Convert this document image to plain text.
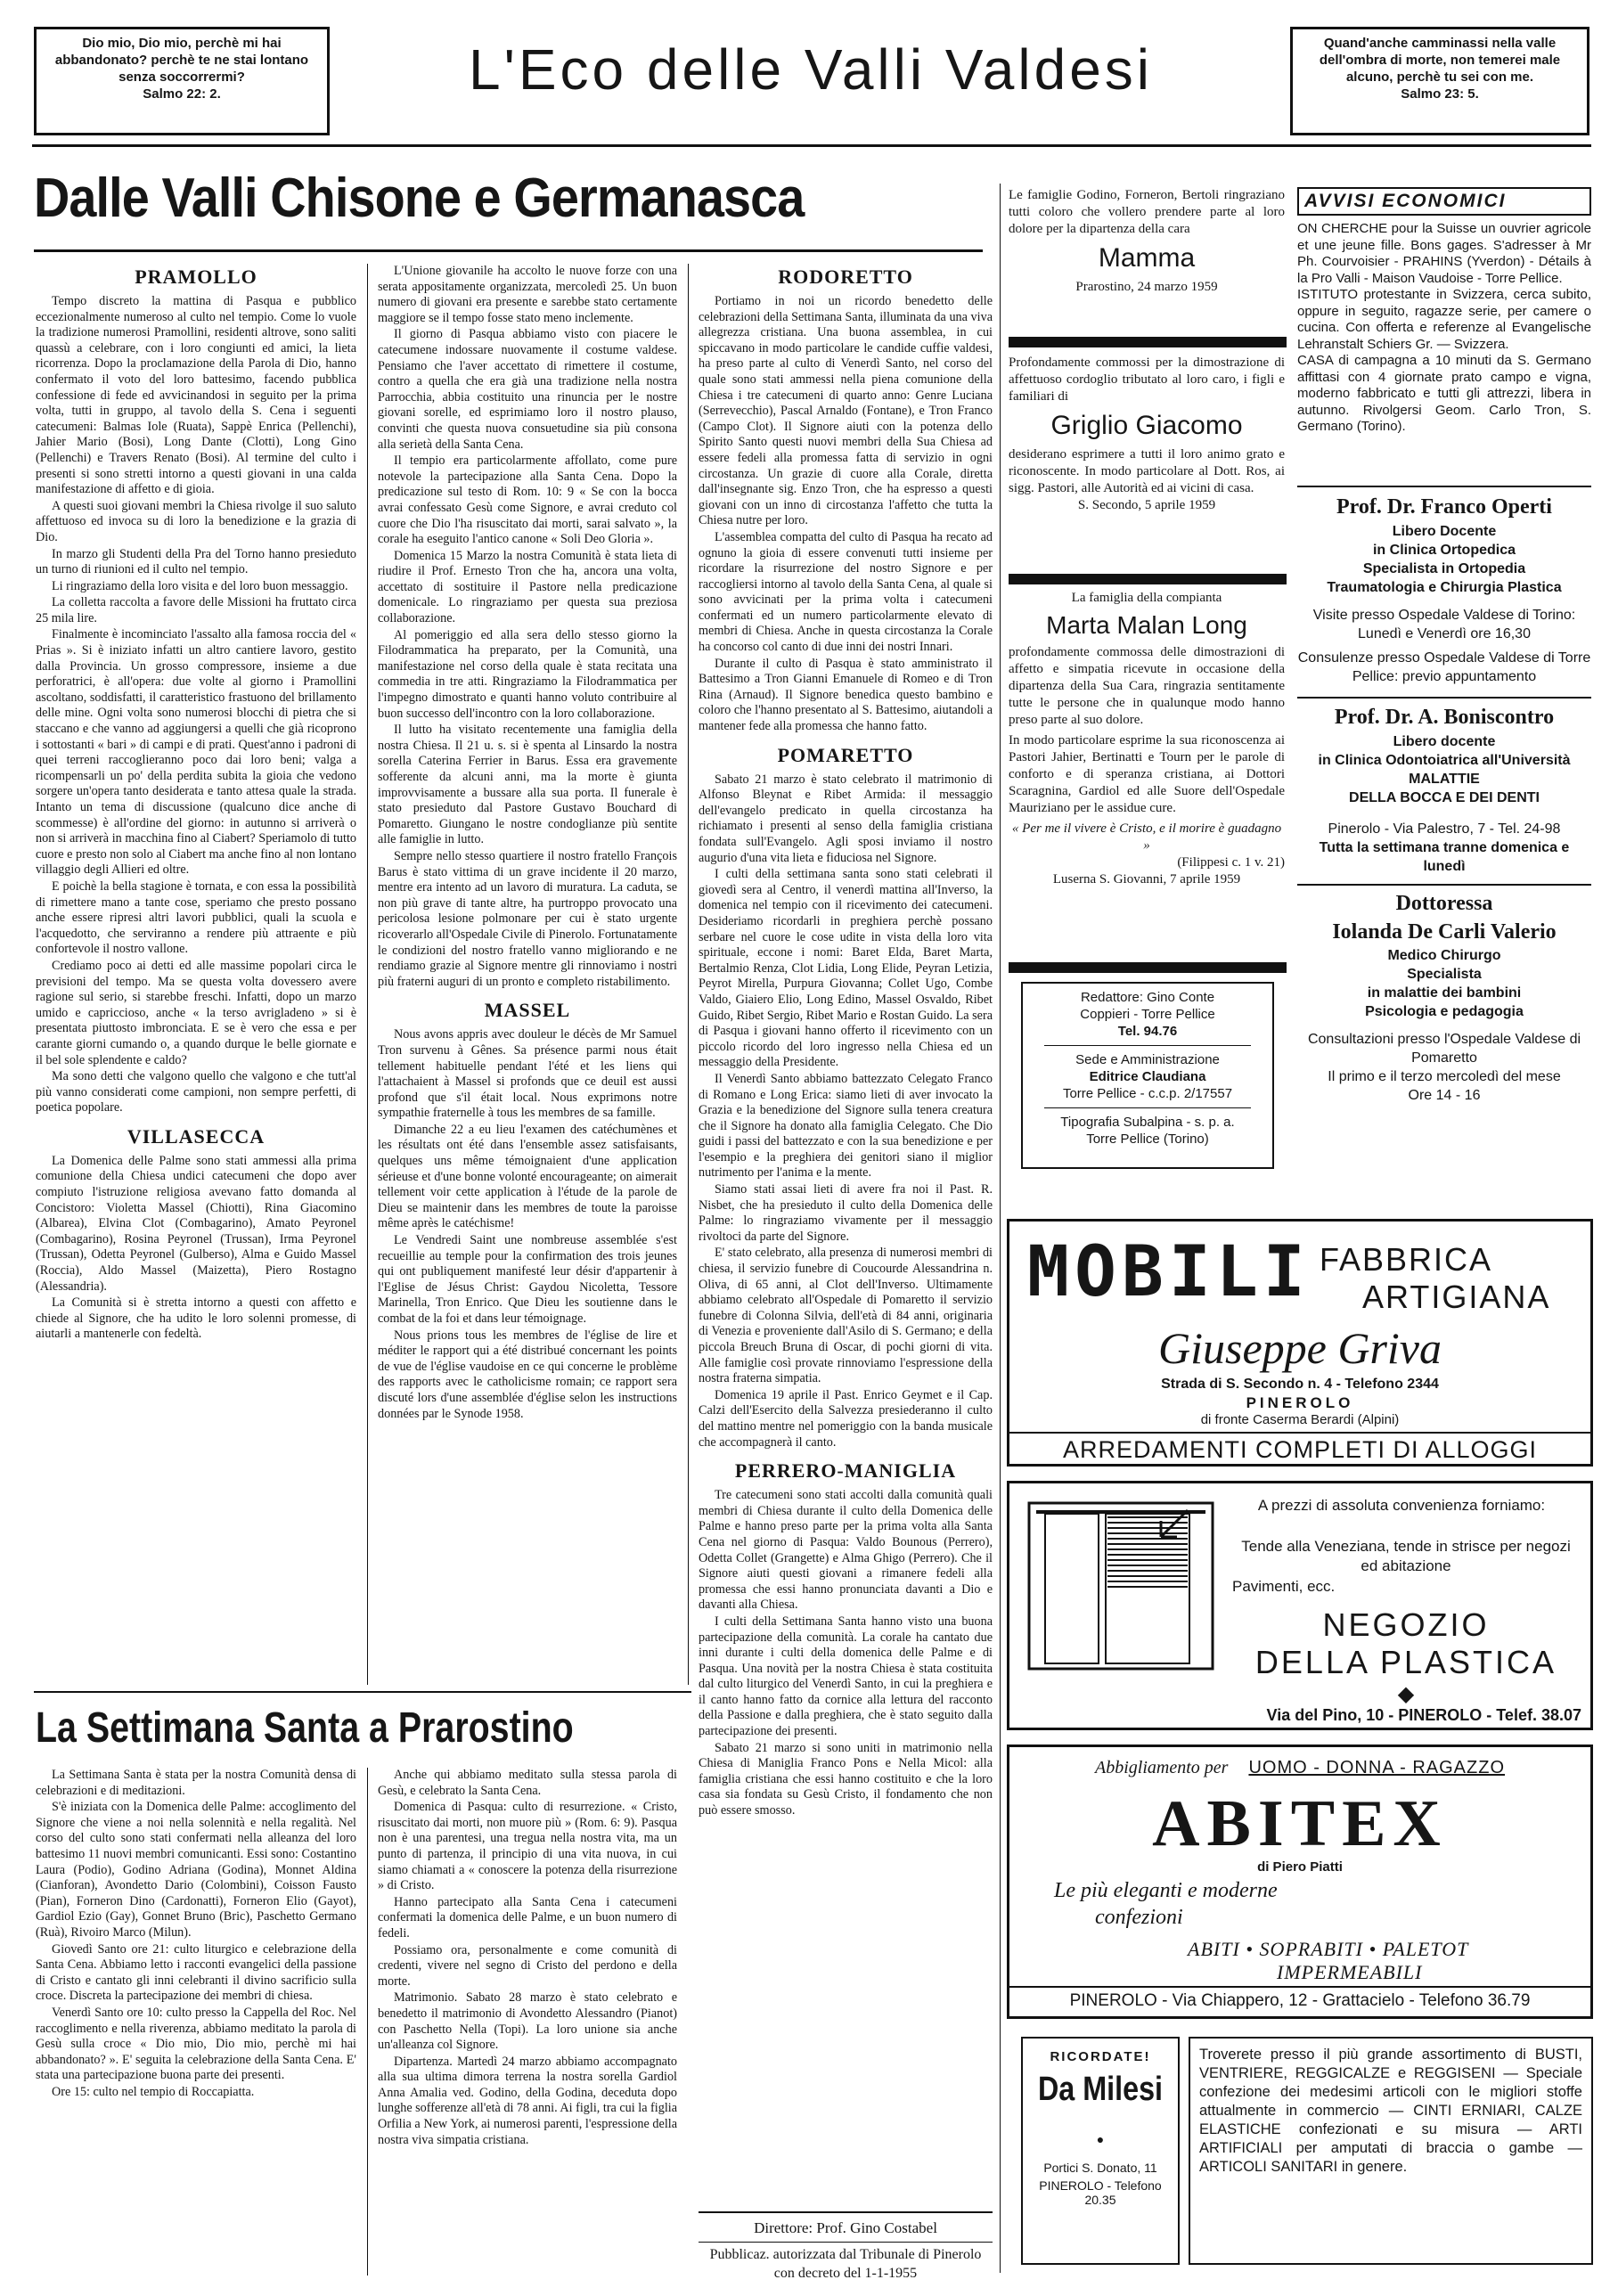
Dio mio, Dio mio, perchè mi hai abbandonato? perchè te ne stai lontano senza soccorrermi?
Salmo 22: 2.	L'Eco delle Valli Valdesi	Quand'anche camminassi nella valle dell'ombra di morte, non temerei male alcuno, perchè tu sei con me.
Salmo 23: 5.
Dalle Valli Chisone e Germanasca
PRAMOLLO

Tempo discreto la mattina di Pasqua e pubblico eccezionalmente numeroso al culto nel tempio. Come lo vuole la tradizione numerosi Pramollini, residenti altrove, sono saliti quassù a celebrare, con i loro congiunti ed amici, la lieta ricorrenza. Dopo la proclamazione della Parola di Dio, hanno confermato il voto del loro battesimo, facendo pubblica confessione di fede ed avvicinandosi in seguito per la prima volta, tutti in gruppo, al tavolo della S. Cena i seguenti catecumeni: Balmas Iole (Ruata), Sappè Enrica (Pellenchi), Jahier Mario (Bosi), Long Dante (Clotti), Long Gino (Pellenchi) e Travers Renato (Bosi). Al termine del culto i presenti si sono stretti intorno a questi giovani in una calda manifestazione di affetto e di gioia.

A questi suoi giovani membri la Chiesa rivolge il suo saluto affettuoso ed invoca su di loro la benedizione e la grazia di Dio.

In marzo gli Studenti della Pra del Torno hanno presieduto un turno di riunioni ed il culto nel tempio.

Li ringraziamo della loro visita e del loro buon messaggio.

La colletta raccolta a favore delle Missioni ha fruttato circa 25 mila lire.

Finalmente è incominciato l'assalto alla famosa roccia del « Prias ». Si è iniziato infatti un altro cantiere lavoro, gestito dalla Provincia. Un grosso compressore, insieme a due perforatrici, è all'opera: due volte al giorno i Pramollini ascoltano, soddisfatti, il caratteristico frastuono del brillamento delle mine. Ogni volta sono numerosi blocchi di pietra che si staccano e che vanno ad aggiungersi a quelli che già ricoprono i sottostanti « bari » di campi e di prati. Quest'anno i padroni di quei terreni raccoglieranno poco dai loro beni; valga a ricompensarli un po' della perdita subita la gioia che vedono sorgere un'opera tanto desiderata e tanto attesa quale la strada. Intanto un tema di discussione (qualcuno dice anche di scommesse) è all'ordine del giorno: in autunno si arriverà o non si arriverà in macchina fino al Ciabert? Speriamolo di tutto cuore e presto non solo al Ciabert ma anche fino al non lontano villaggio degli Allieri ed oltre.

E poichè la bella stagione è tornata, e con essa la possibilità di rimettere mano a tante cose, speriamo che presto possano anche essere ripresi altri lavori pubblici, quali la scuola e l'acquedotto, che serviranno a rendere più attraente e più confortevole il nostro vallone.

Crediamo poco ai detti ed alle massime popolari circa le previsioni del tempo. Ma se questa volta dovessero avere ragione sul serio, si starebbe freschi. Infatti, dopo un marzo umido e capriccioso, anche « la terso avrigladeno » si è presentata piuttosto imbronciata. E se è vero che essa e per carante giorni cumando o, a quando durque le belle giornate e il bel sole splendente e caldo?

Ma sono detti che valgono quello che valgono e che tutt'al più vanno considerati come campioni, non sempre perfetti, di poetica popolare.

VILLASECCA

La Domenica delle Palme sono stati ammessi alla prima comunione della Chiesa undici catecumeni che dopo aver compiuto l'istruzione religiosa avevano fatto domanda al Concistoro: Violetta Massel (Chiotti), Rina Giacomino (Albarea), Elvina Clot (Combagarino), Amato Peyronel (Combagarino), Rosina Peyronel (Trussan), Irma Peyronel (Trussan), Odetta Peyronel (Gulberso), Alma e Guido Massel (Roccia), Aldo Massel (Maizetta), Piero Rostagno (Alessandria).

La Comunità si è stretta intorno a questi con affetto e chiede al Signore, che ha udito le loro solenni promesse, di aiutarli a mantenerle con fedeltà.

L'Unione giovanile ha accolto le nuove forze con una serata appositamente organizzata, mercoledì 25. Un buon numero di giovani era presente e sarebbe stato certamente maggiore se il tempo fosse stato meno inclemente.

Il giorno di Pasqua abbiamo visto con piacere le catecumene indossare nuovamente il costume valdese. Pensiamo che l'aver accettato di rimettere il costume, contro a quella che era già una tradizione nella nostra Parrocchia, abbia costituito una rinuncia per le nostre giovani sorelle, ed esprimiamo loro il nostro plauso, convinti che questa nuova consuetudine sia più consona alla serietà della Santa Cena.

Il tempio era particolarmente affollato, come pure notevole la partecipazione alla Santa Cena. Dopo la predicazione sul testo di Rom. 10: 9 « Se con la bocca avrai confessato Gesù come Signore, e avrai creduto col cuore che Dio l'ha risuscitato dai morti, sarai salvato », la corale ha eseguito l'antico canone « Soli Deo Gloria ».

Domenica 15 Marzo la nostra Comunità è stata lieta di riudire il Prof. Ernesto Tron che ha, ancora una volta, accettato di sostituire il Pastore nella predicazione domenicale. Lo ringraziamo per questa sua preziosa collaborazione.

Al pomeriggio ed alla sera dello stesso giorno la Filodrammatica ha preparato, per la Comunità, una manifestazione nel corso della quale è stata recitata una commedia in tre atti. Ringraziamo la Filodrammatica per l'impegno dimostrato e quanti hanno voluto contribuire al buon successo dell'incontro con la loro collaborazione.

Il lutto ha visitato recentemente una famiglia della nostra Chiesa. Il 21 u. s. si è spenta al Linsardo la nostra sorella Caterina Ferrier in Barus. Essa era gravemente sofferente da alcuni anni, ma la morte è giunta improvvisamente a bussare alla sua porta. Il funerale è stato presieduto dal Pastore Gustavo Bouchard di Pomaretto. Giungano le nostre condoglianze più sentite alle famiglie in lutto.

Sempre nello stesso quartiere il nostro fratello François Barus è stato vittima di un grave incidente il 20 marzo, mentre era intento ad un lavoro di muratura. La caduta, se non più grave di tante altre, ha purtroppo provocato una pericolosa lesione polmonare per cui è stato urgente ricoverarlo all'Ospedale Civile di Pinerolo. Fortunatamente le condizioni del nostro fratello vanno migliorando e ne rendiamo grazie al Signore mentre gli rinnoviamo i nostri più fraterni auguri di un pronto e completo ristabilimento.

MASSEL

Nous avons appris avec douleur le décès de Mr Samuel Tron survenu à Gênes. Sa présence parmi nous était tellement habituelle pendant l'été et les liens qui l'attachaient à Massel si profonds que ce deuil est aussi profond que s'il était local. Nous exprimons notre sympathie fraternelle à tous les membres de sa famille.

Dimanche 22 a eu lieu l'examen des catéchumènes et les résultats ont été dans l'ensemble assez satisfaisants, quelques uns même témoignaient d'une application sérieuse et d'une bonne volonté encourageante; on aimerait tellement voir cette application à l'étude de la parole de Dieu se maintenir dans les membres de toute la paroisse même après le catéchisme!

Le Vendredi Saint une nombreuse assemblée s'est recueillie au temple pour la confirmation des trois jeunes qui ont publiquement manifesté leur désir d'appartenir à l'Eglise de Jésus Christ: Gaydou Nicoletta, Tessore Marinella, Tron Enrico. Que Dieu les soutienne dans le combat de la foi et dans leur témoignage.

Nous prions tous les membres de l'église de lire et méditer le rapport qui a été distribué concernant les points de vue de l'église vaudoise en ce qui concerne le problème des rapports avec le catholicisme romain; ce rapport sera discuté lors d'une assemblée d'église selon les instructions données par le Synode 1958.

La Settimana Santa a Prarostino

La Settimana Santa è stata per la nostra Comunità densa di celebrazioni e di meditazioni.

S'è iniziata con la Domenica delle Palme: accoglimento del Signore che viene a noi nella solennità e nella regalità. Nel corso del culto sono stati confermati nella alleanza del loro battesimo 11 nuovi membri comunicanti. Essi sono: Costantino Laura (Podio), Godino Adriana (Godina), Monnet Aldina (Cianforan), Avondetto Dario (Colombini), Coisson Fausto (Pian), Forneron Dino (Cardonatti), Forneron Elio (Gayot), Gardiol Ezio (Gay), Gonnet Bruno (Bric), Paschetto Germano (Ruà), Rivoiro Marco (Milun).

Giovedì Santo ore 21: culto liturgico e celebrazione della Santa Cena. Abbiamo letto i racconti evangelici della passione di Cristo e cantato gli inni celebranti il divino sacrificio sulla croce. Discreta la partecipazione dei membri di chiesa.

Venerdì Santo ore 10: culto presso la Cappella del Roc. Nel raccoglimento e nella riverenza, abbiamo meditato la parola di Gesù sulla croce « Dio mio, Dio mio, perchè mi hai abbandonato? ». E' seguita la celebrazione della Santa Cena. E' stata una partecipazione buona parte dei presenti.

Ore 15: culto nel tempio di Roccapiatta.

Anche qui abbiamo meditato sulla stessa parola di Gesù, e celebrato la Santa Cena.

Domenica di Pasqua: culto di resurrezione. « Cristo, risuscitato dai morti, non muore più » (Rom. 6: 9). Pasqua non è una parentesi, una tregua nella nostra vita, ma un punto di partenza, il principio di una vita nuova, in cui siamo chiamati a « conoscere la potenza della risurrezione » di Cristo.

Hanno partecipato alla Santa Cena i catecumeni confermati la domenica delle Palme, e un buon numero di fedeli.

Possiamo ora, personalmente e come comunità di credenti, vivere nel segno di Cristo del perdono e della morte.

Matrimonio. Sabato 28 marzo è stato celebrato e benedetto il matrimonio di Avondetto Alessandro (Pianot) con Paschetto Nella (Topi). La loro unione sia anche un'alleanza col Signore.

Dipartenza. Martedì 24 marzo abbiamo accompagnato alla sua ultima dimora terrena la nostra sorella Gardiol Anna Amalia ved. Godino, della Godina, deceduta dopo lunghe sofferenze all'età di 78 anni. Ai figli, tra cui la figlia Orfilia a New York, ai numerosi parenti, l'espressione della nostra viva simpatia cristiana.

RODORETTO

Portiamo in noi un ricordo benedetto delle celebrazioni della Settimana Santa, illuminata da una viva allegrezza cristiana. Una buona assemblea, in cui spiccavano in modo particolare le candide cuffie valdesi, ha preso parte al culto di Venerdì Santo, nel corso del quale sono stati ammessi nella piena comunione della Chiesa i tre catecumeni di quarto anno: Genre Luciana (Serrevecchio), Pascal Arnaldo (Fontane), e Tron Franco (Campo Clot). Il Signore aiuti con la potenza dello Spirito Santo questi nuovi membri della Sua Chiesa ad essere fedeli alla promessa fatta di servizio in ogni circostanza. Un grazie di cuore alla Corale, diretta dall'insegnante sig. Enzo Tron, che ha espresso a questi giovani con un inno di circostanza l'affetto che tutta la Chiesa nutre per loro.

L'assemblea compatta del culto di Pasqua ha recato ad ognuno la gioia di essere convenuti tutti insieme per ricordare la risurrezione del nostro Signore e per raccogliersi intorno al tavolo della Santa Cena, al quale si sono avvicinati per la prima volta i catecumeni confermati ed un numero particolarmente elevato di membri di Chiesa. Anche in questa circostanza la Corale ha concorso col canto di due inni dei nostri Innari.

Durante il culto di Pasqua è stato amministrato il Battesimo a Tron Gianni Emanuele di Romeo e di Tron Rina (Arnaud). Il Signore benedica questo bambino e coloro che l'hanno presentato al S. Battesimo, aiutandoli a mantener fede alla promessa che hanno fatto.

POMARETTO

Sabato 21 marzo è stato celebrato il matrimonio di Alfonso Bleynat e Ribet Armida: il messaggio dell'evangelo predicato in quella circostanza ha richiamato i presenti al senso della famiglia cristiana fondata sull'Evangelo. Agli sposi inviamo il nostro augurio d'una vita lieta e fiduciosa nel Signore.

I culti della settimana santa sono stati celebrati il giovedì sera al Centro, il venerdì mattina all'Inverso, la domenica nel tempio con il ricevimento dei catecumeni. Desideriamo ricordarli in preghiera perchè possano serbare nel cuore le cose udite in vista della loro vita spirituale, eccone i nomi: Baret Elda, Baret Marta, Bertalmio Renza, Clot Lidia, Long Elide, Peyran Letizia, Peyrot Mirella, Purpura Giovanna; Collet Ugo, Combe Valdo, Giaiero Elio, Long Edino, Massel Osvaldo, Ribet Guido, Ribet Sergio, Ribet Mario e Rostan Guido. La sera di Pasqua i giovani hanno offerto il ricevimento con un piccolo ricordo del loro ingresso nella Chiesa ed un messaggio della Presidente.

Il Venerdì Santo abbiamo battezzato Celegato Franco di Romano e Long Erica: siamo lieti di aver invocato la Grazia e la benedizione del Signore sulla tenera creatura che il Signore ha donato alla famiglia Celegato. Che Dio guidi i passi del battezzato e con la sua benedizione e per l'esempio e la preghiera dei genitori siano il miglior nutrimento per l'anima e la mente.

Siamo stati assai lieti di avere fra noi il Past. R. Nisbet, che ha presieduto il culto della Domenica delle Palme: lo ringraziamo vivamente per il messaggio rivoltoci da parte del Signore.

E' stato celebrato, alla presenza di numerosi membri di chiesa, il servizio funebre di Coucourde Alessandrina n. Oliva, di 65 anni, al Clot dell'Inverso. Ultimamente abbiamo celebrato all'Ospedale di Pomaretto il servizio funebre di Colonna Silvia, dell'età di 84 anni, originaria di Venezia e proveniente dall'Asilo di S. Germano; e della piccola Breuch Bruna di Oscar, di pochi giorni di vita. Alle famiglie così provate rinnoviamo l'espressione della nostra fraterna simpatia.

Domenica 19 aprile il Past. Enrico Geymet e il Cap. Calzi dell'Esercito della Salvezza presiederanno il culto del mattino mentre nel pomeriggio con la banda musicale che accompagnerà il canto.

PERRERO-MANIGLIA

Tre catecumeni sono stati accolti dalla comunità quali membri di Chiesa durante il culto della Domenica delle Palme e hanno preso parte per la prima volta alla Santa Cena nel giorno di Pasqua: Valdo Bounous (Perrero), Odetta Collet (Grangette) e Alma Ghigo (Perrero). Che il Signore aiuti questi giovani a rimanere fedeli alla promessa che essi hanno pronunciata davanti a Dio e davanti alla Chiesa.

I culti della Settimana Santa hanno visto una buona partecipazione della comunità. La corale ha cantato due inni durante i culti della domenica delle Palme e di Pasqua. Una novità per la nostra Chiesa è stata costituita dal culto liturgico del Venerdì Santo, in cui la preghiera e il canto hanno fatto da cornice alla lettura del racconto della Passione e dalla preghiera, che è stato seguito dalla partecipazione dei presenti.

Sabato 21 marzo si sono uniti in matrimonio nella Chiesa di Maniglia Franco Pons e Nella Micol: alla famiglia cristiana che essi hanno costituito e che la loro casa sia fondata su Gesù Cristo, il fondamento che non può essere smosso.

Direttore: Prof. Gino Costabel
Pubblicaz. autorizzata dal Tribunale di Pinerolo con decreto del 1-1-1955
Le famiglie Godino, Forneron, Bertoli ringraziano tutti coloro che vollero prendere parte al loro dolore per la dipartenza della cara
Mamma
Prarostino, 24 marzo 1959
Profondamente commossi per la dimostrazione di affettuoso cordoglio tributato al loro caro, i figli e familiari di
Griglio Giacomo
desiderano esprimere a tutti il loro animo grato e riconoscente. In modo particolare al Dott. Ros, ai sigg. Pastori, alle Autorità ed ai vicini di casa.
S. Secondo, 5 aprile 1959
La famiglia della compianta
Marta Malan Long
profondamente commossa delle dimostrazioni di affetto e simpatia ricevute in occasione della dipartenza della Sua Cara, ringrazia sentitamente tutte le persone che in qualunque modo hanno preso parte al suo dolore.
In modo particolare esprime la sua riconoscenza ai Pastori Jahier, Bertinatti e Tourn per le parole di conforto e di speranza cristiana, ai Dottori Scaragnina, Gardiol ed alle Suore dell'Ospedale Mauriziano per le assidue cure.
« Per me il vivere è Cristo, e il morire è guadagno »
(Filippesi c. 1 v. 21)
Luserna S. Giovanni, 7 aprile 1959
Redattore: Gino Conte
Coppieri - Torre Pellice
Tel. 94.76
Sede e Amministrazione
Editrice Claudiana
Torre Pellice - c.c.p. 2/17557
Tipografia Subalpina - s. p. a.
Torre Pellice (Torino)
AVVISI ECONOMICI
ON CHERCHE pour la Suisse un ouvrier agricole et une jeune fille. Bons gages. S'adresser à Mr Ph. Courvoisier - PRAHINS (Yverdon) - Détails à la Pro Valli - Maison Vaudoise - Torre Pellice.
ISTITUTO protestante in Svizzera, cerca subito, oppure in seguito, ragazze serie, per camere o cucina. Con offerta e referenze al Evangelische Lehranstalt Schiers Gr. — Svizzera.
CASA di campagna a 10 minuti da S. Germano affittasi con 4 giornate prato campo e vigna, moderno fabbricato e tutti gli attrezzi, libera in autunno. Rivolgersi Geom. Carlo Tron, S. Germano (Torino).
Prof. Dr. Franco Operti
Libero Docente
in Clinica Ortopedica
Specialista in Ortopedia
Traumatologia e Chirurgia Plastica
Visite presso Ospedale Valdese di Torino: Lunedì e Venerdì ore 16,30
Consulenze presso Ospedale Valdese di Torre Pellice: previo appuntamento
Prof. Dr. A. Boniscontro
Libero docente
in Clinica Odontoiatrica all'Università
MALATTIE
DELLA BOCCA E DEI DENTI
Pinerolo - Via Palestro, 7 - Tel. 24-98
Tutta la settimana tranne domenica e lunedì
Dottoressa
Iolanda De Carli Valerio
Medico Chirurgo
Specialista
in malattie dei bambini
Psicologia e pedagogia
Consultazioni presso l'Ospedale Valdese di Pomaretto
Il primo e il terzo mercoledì del mese
Ore 14 - 16
MOBILI FABBRICA
ARTIGIANA
Giuseppe Griva
Strada di S. Secondo n. 4 - Telefono 2344
PINEROLO
di fronte Caserma Berardi (Alpini)
ARREDAMENTI COMPLETI DI ALLOGGI
A prezzi di assoluta convenienza forniamo:
Tende alla Veneziana, tende in strisce per negozi ed abitazione
Pavimenti, ecc.
NEGOZIO
DELLA PLASTICA
◆
Via del Pino, 10 - PINEROLO - Telef. 38.07
Abbigliamento per UOMO - DONNA - RAGAZZO
ABITEX
di Piero Piatti
Le più eleganti e moderne
confezioni
ABITI • SOPRABITI • PALETOT
IMPERMEABILI
PINEROLO - Via Chiappero, 12 - Grattacielo - Telefono 36.79
RICORDATE!
Da Milesi
●
Portici S. Donato, 11
PINEROLO - Telefono 20.35
Troverete presso il più grande assortimento di BUSTI, VENTRIERE, REGGICALZE e REGGISENI — Speciale confezione dei medesimi articoli con le migliori stoffe attualmente in commercio — CINTI ERNIARI, CALZE ELASTICHE confezionati e su misura — ARTI ARTIFICIALI per amputati di braccia o gambe — ARTICOLI SANITARI in genere.
